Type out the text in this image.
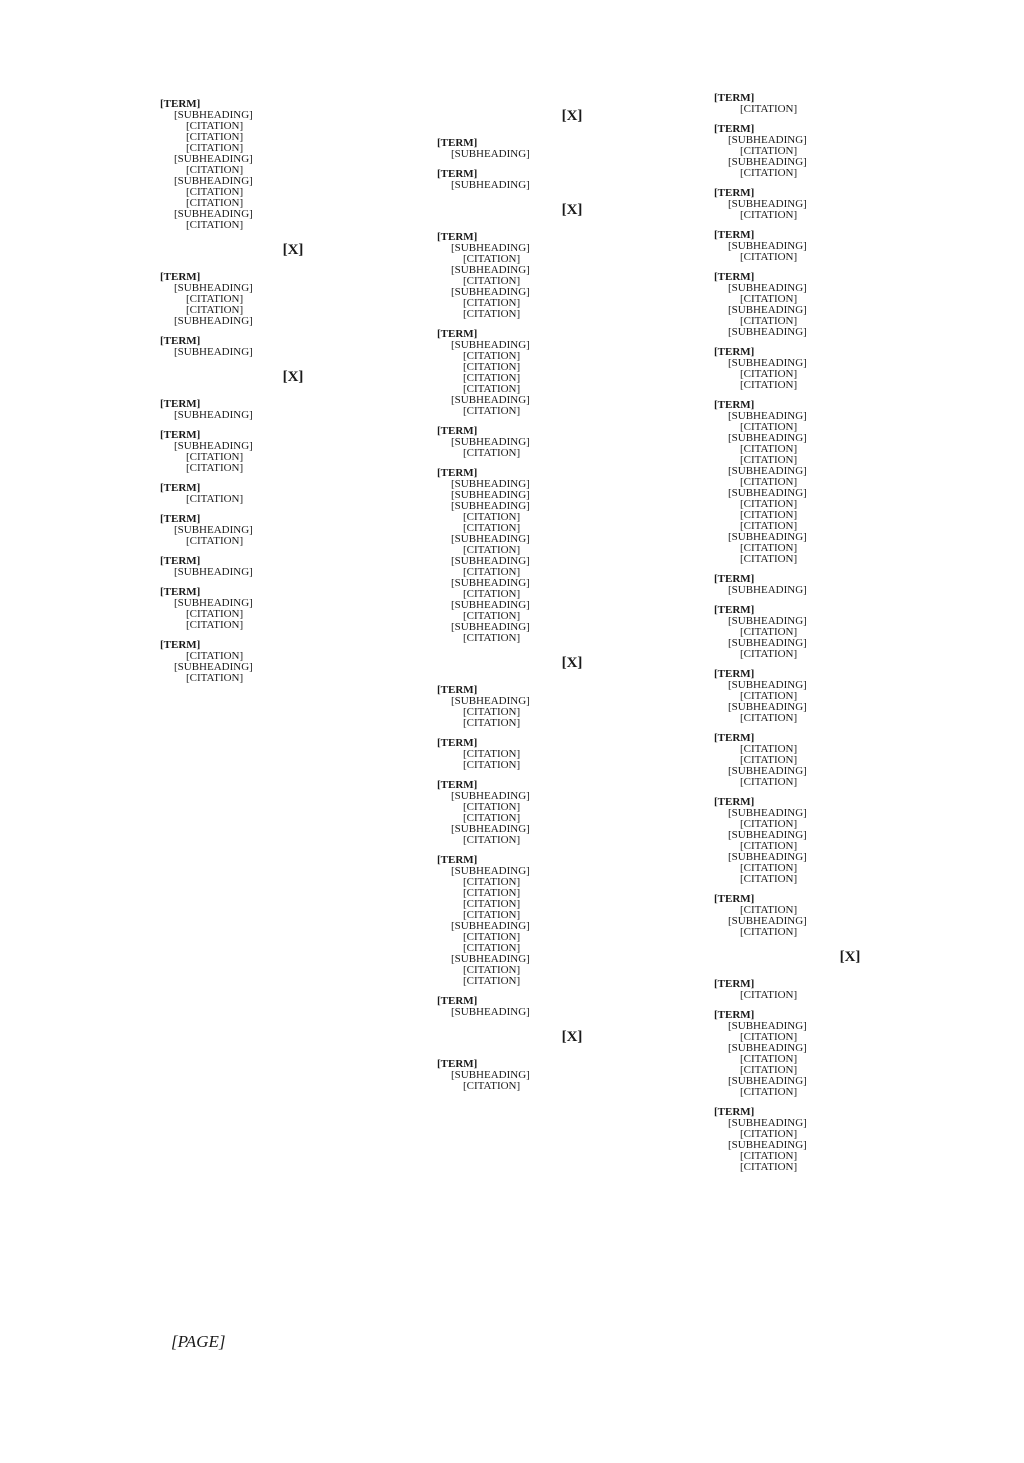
[TERM]
[SUBHEADING]
[CITATION]
[CITATION]
[CITATION]
[SUBHEADING]
[CITATION]
[SUBHEADING]
[CITATION]
[CITATION]
[SUBHEADING]
[CITATION]
[X]
[TERM]
[SUBHEADING]
[CITATION]
[CITATION]
[SUBHEADING]
[TERM]
[SUBHEADING]
[X]
[TERM]
[SUBHEADING]
[TERM]
[SUBHEADING]
[CITATION]
[CITATION]
[TERM]
[CITATION]
[TERM]
[SUBHEADING]
[CITATION]
[TERM]
[SUBHEADING]
[TERM]
[SUBHEADING]
[CITATION]
[CITATION]
[TERM]
[CITATION]
[SUBHEADING]
[CITATION]
[X]
[TERM]
[SUBHEADING]
[TERM]
[SUBHEADING]
[X]
[TERM]
[SUBHEADING]
[CITATION]
[SUBHEADING]
[CITATION]
[SUBHEADING]
[CITATION]
[CITATION]
[TERM]
[SUBHEADING]
[CITATION]
[CITATION]
[CITATION]
[CITATION]
[SUBHEADING]
[CITATION]
[TERM]
[SUBHEADING]
[CITATION]
[TERM]
[SUBHEADING]
[SUBHEADING]
[SUBHEADING]
[CITATION]
[CITATION]
[SUBHEADING]
[CITATION]
[SUBHEADING]
[CITATION]
[SUBHEADING]
[CITATION]
[SUBHEADING]
[CITATION]
[SUBHEADING]
[CITATION]
[X]
[TERM]
[SUBHEADING]
[CITATION]
[CITATION]
[TERM]
[CITATION]
[CITATION]
[TERM]
[SUBHEADING]
[CITATION]
[CITATION]
[SUBHEADING]
[CITATION]
[TERM]
[SUBHEADING]
[CITATION]
[CITATION]
[CITATION]
[CITATION]
[SUBHEADING]
[CITATION]
[CITATION]
[SUBHEADING]
[CITATION]
[CITATION]
[TERM]
[SUBHEADING]
[X]
[TERM]
[SUBHEADING]
[CITATION]
[TERM]
[CITATION]
[TERM]
[SUBHEADING]
[CITATION]
[SUBHEADING]
[CITATION]
[TERM]
[SUBHEADING]
[CITATION]
[TERM]
[SUBHEADING]
[CITATION]
[TERM]
[SUBHEADING]
[CITATION]
[SUBHEADING]
[CITATION]
[SUBHEADING]
[TERM]
[SUBHEADING]
[CITATION]
[CITATION]
[TERM]
[SUBHEADING]
[CITATION]
[SUBHEADING]
[CITATION]
[CITATION]
[SUBHEADING]
[CITATION]
[SUBHEADING]
[CITATION]
[CITATION]
[CITATION]
[SUBHEADING]
[CITATION]
[CITATION]
[TERM]
[SUBHEADING]
[TERM]
[SUBHEADING]
[CITATION]
[SUBHEADING]
[CITATION]
[TERM]
[SUBHEADING]
[CITATION]
[SUBHEADING]
[CITATION]
[TERM]
[CITATION]
[CITATION]
[SUBHEADING]
[CITATION]
[TERM]
[SUBHEADING]
[CITATION]
[SUBHEADING]
[CITATION]
[SUBHEADING]
[CITATION]
[CITATION]
[TERM]
[CITATION]
[SUBHEADING]
[CITATION]
[X]
[TERM]
[CITATION]
[TERM]
[SUBHEADING]
[CITATION]
[SUBHEADING]
[CITATION]
[CITATION]
[SUBHEADING]
[CITATION]
[TERM]
[SUBHEADING]
[CITATION]
[SUBHEADING]
[CITATION]
[CITATION]
[PAGE]
